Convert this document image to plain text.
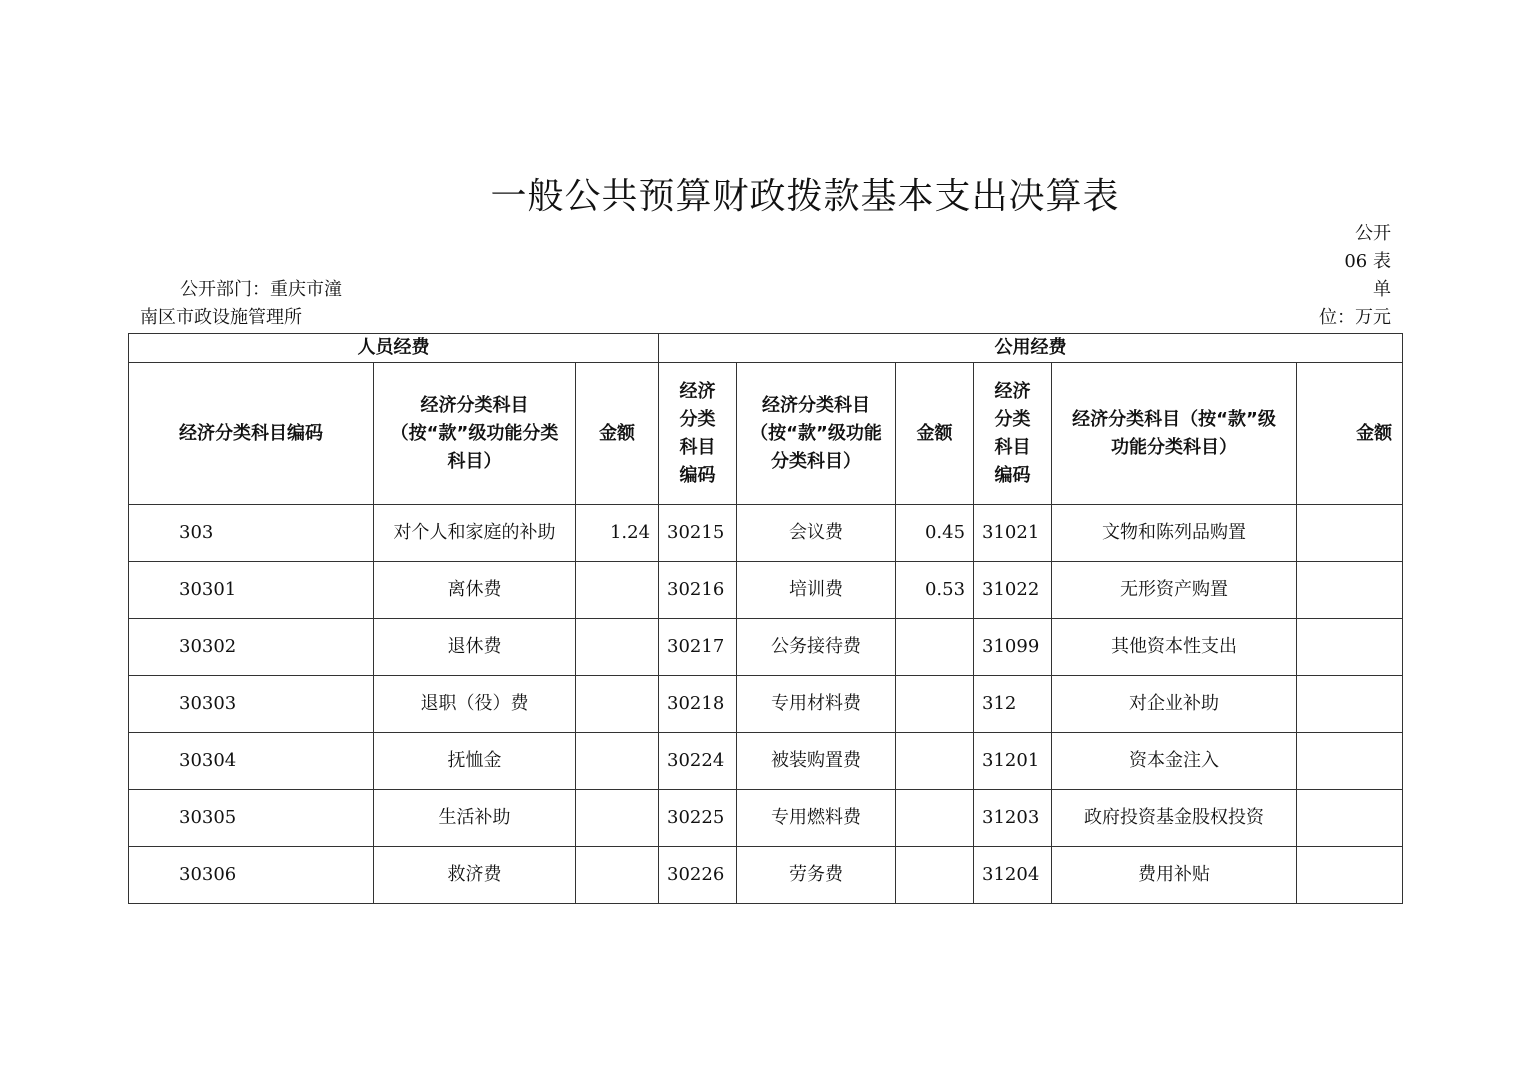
一般公共预算财政拨款基本支出决算表
公开
06 表
单
位：万元
公开部门：重庆市潼
南区市政设施管理所
人员经费			公用经费					
经济分类科目编码	经济分类科目（按“款”级功能分类科目）	金额	经济分类科目编码	经济分类科目（按“款”级功能分类科目）	金额	经济分类科目编码	经济分类科目（按“款”级功能分类科目）	金额
303	对个人和家庭的补助	1.24	30215	会议费	0.45	31021	文物和陈列品购置	
30301	离休费		30216	培训费	0.53	31022	无形资产购置	
30302	退休费		30217	公务接待费		31099	其他资本性支出	
30303	退职（役）费		30218	专用材料费		312	对企业补助	
30304	抚恤金		30224	被装购置费		31201	资本金注入	
30305	生活补助		30225	专用燃料费		31203	政府投资基金股权投资	
30306	救济费		30226	劳务费		31204	费用补贴	
